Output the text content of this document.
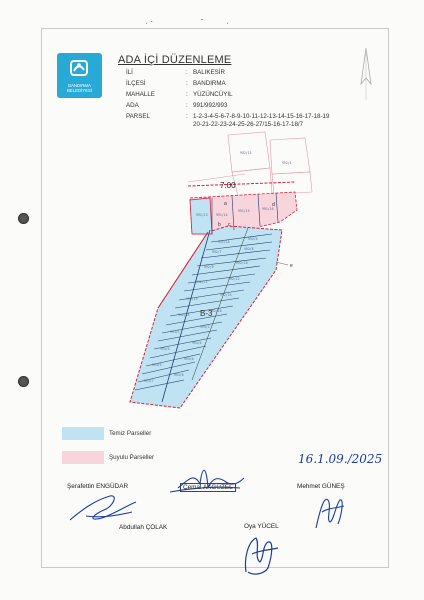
ˏ .                   -         ˏ
BANDIRMA
BELEDİYESİ
ADA İÇİ DÜZENLEME
İLİ	: BALIKESİR
İLÇESİ	: BANDIRMA
MAHALLE	: YÜZÜNCÜYIL
ADA	: 991/992/993
PARSEL	: 1-2-3-4-5-6-7-8-9-10-11-12-13-14-15-16-17-18-19
20-21-22-23-24-25-26-27/15-16-17-18/7
991/13	991/14
991/15	991/16
991/18
992/5
992/7
992/8
992/9
992/10
992/11
992/12
992/13
992/14
992/15
992/16
993/1
993/2
993/3
993/4
993/5
993/6
993/7
993/8
992/15
992/1
7.00
B-3
a
b c
d
e
Temiz Parseller
Şuyulu Parseller	16.1.09./2025
Şerafettin ENGÜDAR	Cemal AKGÜZEL	Mehmet GÜNEŞ
Abdullah ÇOLAK	Oya YÜCEL
